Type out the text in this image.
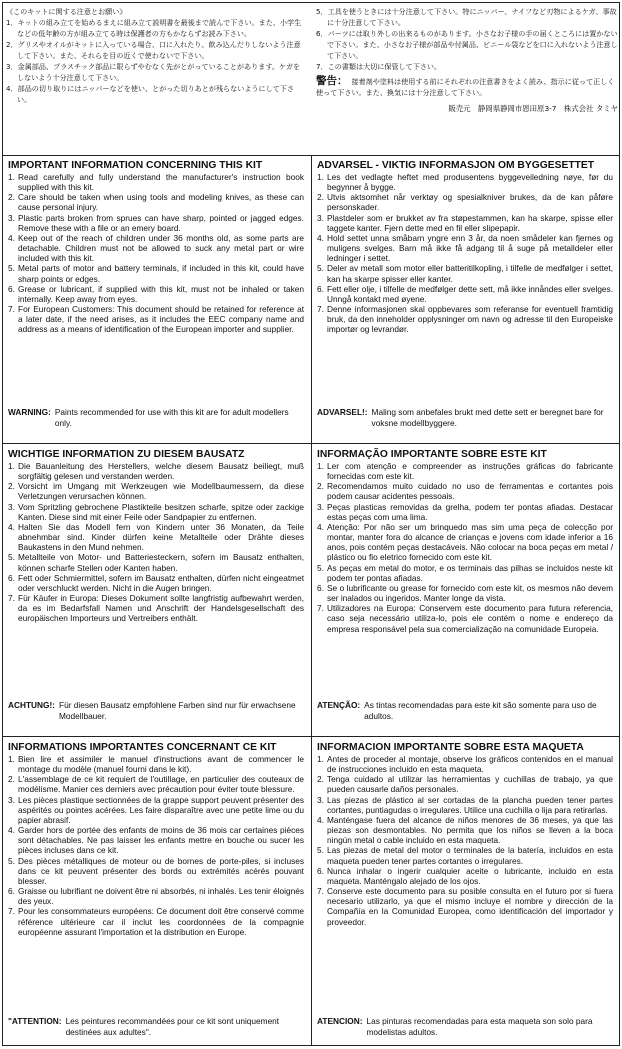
《このキットに関する注意とお願い》

1．キットの組み立てを始めるまえに組み立て説明書を最後まで読んで下さい。また、小学生などの低年齢の方が組み立てる時は保護者の方もかならずお読み下さい。

2．グリスやオイルがキットに入っている場合、口に入れたり、飲み込んだりしないよう注意して下さい。また、それらを目の近くで使わないで下さい。

3．金属部品、プラスチック部品に限らずやむなく先がとがっていることがあります。ケガをしないよう十分注意して下さい。

4．部品の切り取りにはニッパーなどを使い、とがった切りあとが残らないようにして下さい。

5．工具を使うときには十分注意して下さい。特にニッパー、ナイフなど刃物によるケガ、事故に十分注意して下さい。

6．パーツには取り外しの出来るものがあります。小さなお子様の手の届くところには置かないで下さい。また、小さなお子様が部品や付属品、ビニール袋などを口に入れないよう注意して下さい。

7．この書類は大切に保管して下さい。

警告： 接着剤や塗料は使用する前にそれぞれの注意書きをよく読み、指示に従って正しく使って下さい。また、換気には十分注意して下さい。
販売元　静岡県静岡市恩田原3-7　株式会社 タミヤ
IMPORTANT INFORMATION CONCERNING THIS KIT
1. Read carefully and fully understand the manufacturer's instruction book supplied with this kit.
2. Care should be taken when using tools and modeling knives, as these can cause personal injury.
3. Plastic parts broken from sprues can have sharp, pointed or jagged edges. Remove these with a file or an emery board.
4. Keep out of the reach of children under 36 months old, as some parts are detachable. Children must not be allowed to suck any metal part or wire included with this kit.
5. Metal parts of motor and battery terminals, if included in this kit, could have sharp points or edges.
6. Grease or lubricant, if supplied with this kit, must not be inhaled or taken internally. Keep away from eyes.
7. For European Customers: This document should be retained for reference at a later date, if the need arises, as it includes the EEC company name and address as a means of identification of the European importer and supplier.
WARNING: Paints recommended for use with this kit are for adult modellers only.
ADVARSEL - VIKTIG INFORMASJON OM BYGGESETTET
1. Les det vedlagte heftet med produsentens byggeveiledning nøye, før du begynner å bygge.
2. Utvis aktsomhet når verktøy og spesialkniver brukes, da de kan påføre personskader.
3. Plastdeler som er brukket av fra støpestammen, kan ha skarpe, spisse eller taggete kanter. Fjern dette med en fil eller slipepapir.
4. Hold settet unna småbarn yngre enn 3 år, da noen smådeler kan fjernes og muligens svelges. Barn må ikke få adgang til å suge på metalldeler eller ledninger i settet.
5. Deler av metall som motor eller batteritilkopling, i tilfelle de medfølger i settet, kan ha skarpe spisser eller kanter.
6. Fett eller olje, i tilfelle de medfølger dette sett, må ikke innåndes eller svelges. Unngå kontakt med øyene.
7. Denne informasjonen skal oppbevares som referanse for eventuell framtidig bruk, da den inneholder opplysninger om navn og adresse til den Europeiske importør og levrandør.
ADVARSEL!: Maling som anbefales brukt med dette sett er beregnet bare for voksne modellbyggere.
WICHTIGE INFORMATION ZU DIESEM BAUSATZ
1. Die Bauanleitung des Herstellers, welche diesem Bausatz beiliegt, muß sorgfältig gelesen und verstanden werden.
2. Vorsicht im Umgang mit Werkzeugen wie Modellbaumessern, da diese Verletzungen verursachen können.
3. Vom Spritzling gebrochene Plastikteile besitzen scharfe, spitze oder zackige Kanten. Diese sind mit einer Feile oder Sandpapier zu entfernen.
4. Halten Sie das Modell fern von Kindern unter 36 Monaten, da Teile abnehmbar sind. Kinder dürfen keine Metallteile oder Drähte dieses Baukastens in den Mund nehmen.
5. Metallteile von Motor- und Batteriesteckern, sofern im Bausatz enthalten, können scharfe Stellen oder Kanten haben.
6. Fett oder Schmiermittel, sofern im Bausatz enthalten, dürfen nicht eingeatmet oder verschluckt werden. Nicht in die Augen bringen.
7. Für Käufer in Europa: Dieses Dokument sollte langfristig aufbewahrt werden, da es im Bedarfsfall Namen und Anschrift der Handelsgesellschaft des europäischen Importeurs und Vertreibers enthält.
ACHTUNG!: Für diesen Bausatz empfohlene Farben sind nur für erwachsene Modellbauer.
INFORMAÇÃO IMPORTANTE SOBRE ESTE KIT
1. Ler com atenção e compreender as instruções gráficas do fabricante fornecidas com este kit.
2. Recomendamos muito cuidado no uso de ferramentas e cortantes pois podem causar acidentes pessoais.
3. Peças plasticas removidas da grelha, podem ter pontas afiadas. Destacar estas peças com uma lima.
4. Atenção: Por não ser um brinquedo mas sim uma peça de colecção por montar, manter fora do alcance de crianças e jovens com idade inferior a 16 anos, pois contém peças destacáveis. Não colocar na boca peças em metal / plástico ou fio eletrico fornecido com este kit.
5. As peças em metal do motor, e os terminais das pilhas se incluidos neste kit podem ter pontas afiadas.
6. Se o lubrificante ou grease for fornecido com este kit, os mesmos não devem ser inalados ou ingeridos. Manter longe da vista.
7. Utilizadores na Europa: Conservem este documento para futura referencia, caso seja necessário utiliza-lo, pois ele contém o nome e endereço da empresa responsável pela sua comercialização na comunidade Europeia.
ATENÇÃO: As tintas recomendadas para este kit são somente para uso de adultos.
INFORMATIONS IMPORTANTES CONCERNANT CE KIT
1. Bien lire et assimiler le manuel d'instructions avant de commencer le montage du modèle (manuel fourni dans le kit).
2. L'assemblage de ce kit requiert de l'outillage, en particulier des couteaux de modélisme. Manier ces derniers avec précaution pour éviter toute blessure.
3. Les pièces plastique sectionnées de la grappe support peuvent présenter des aspérités ou pointes acérées. Les faire disparaître avec une petite lime ou du papier abrasif.
4. Garder hors de portée des enfants de moins de 36 mois car certaines pièces sont détachables. Ne pas laisser les enfants mettre en bouche ou sucer les pièces incluses dans ce kit.
5. Des pièces métalliques de moteur ou de bornes de porte-piles, si incluses dans ce kit peuvent présenter des bords ou extrémités acérés pouvant blesser.
6. Graisse ou lubrifiant ne doivent être ni absorbés, ni inhalés. Les tenir éloignés des yeux.
7. Pour les consommateurs européens: Ce document doit être conservé comme référence ultérieure car il inclut les coordonnées de la compagnie européenne assurant l'importation et la distribution en Europe.
"ATTENTION: Les peintures recommandées pour ce kit sont uniquement destinées aux adultes".
INFORMACION IMPORTANTE SOBRE ESTA MAQUETA
1. Antes de proceder al montaje, observe los gráficos contenidos en el manual de instrucciones incluido en esta maqueta.
2. Tenga cuidado al utilizar las herramientas y cuchillas de trabajo, ya que pueden causarle daños personales.
3. Las piezas de plástico al ser cortadas de la plancha pueden tener partes cortantes, puntiagudas o irregulares. Utilice una cuchilla o lija para retirarlas.
4. Manténgase fuera del alcance de niños menores de 36 meses, ya que las piezas son desmontables. No permita que los niños se lleven a la boca ningún metal o cable incluido en esta maqueta.
5. Las piezas de metal del motor o terminales de la batería, incluidos en esta maqueta pueden tener partes cortantes o irregulares.
6. Nunca inhalar o ingerir cualquier aceite o lubricante, incluido en esta maqueta. Manténgalo alejado de los ojos.
7. Conserve este documento para su posible consulta en el futuro por si fuera necesario utilizarlo, ya que el mismo incluye el nombre y dirección de la Compañía en la Comunidad Europea, como identificación del importador y proveedor.
ATENCION: Las pinturas recomendadas para esta maqueta son solo para modelistas adultos.
